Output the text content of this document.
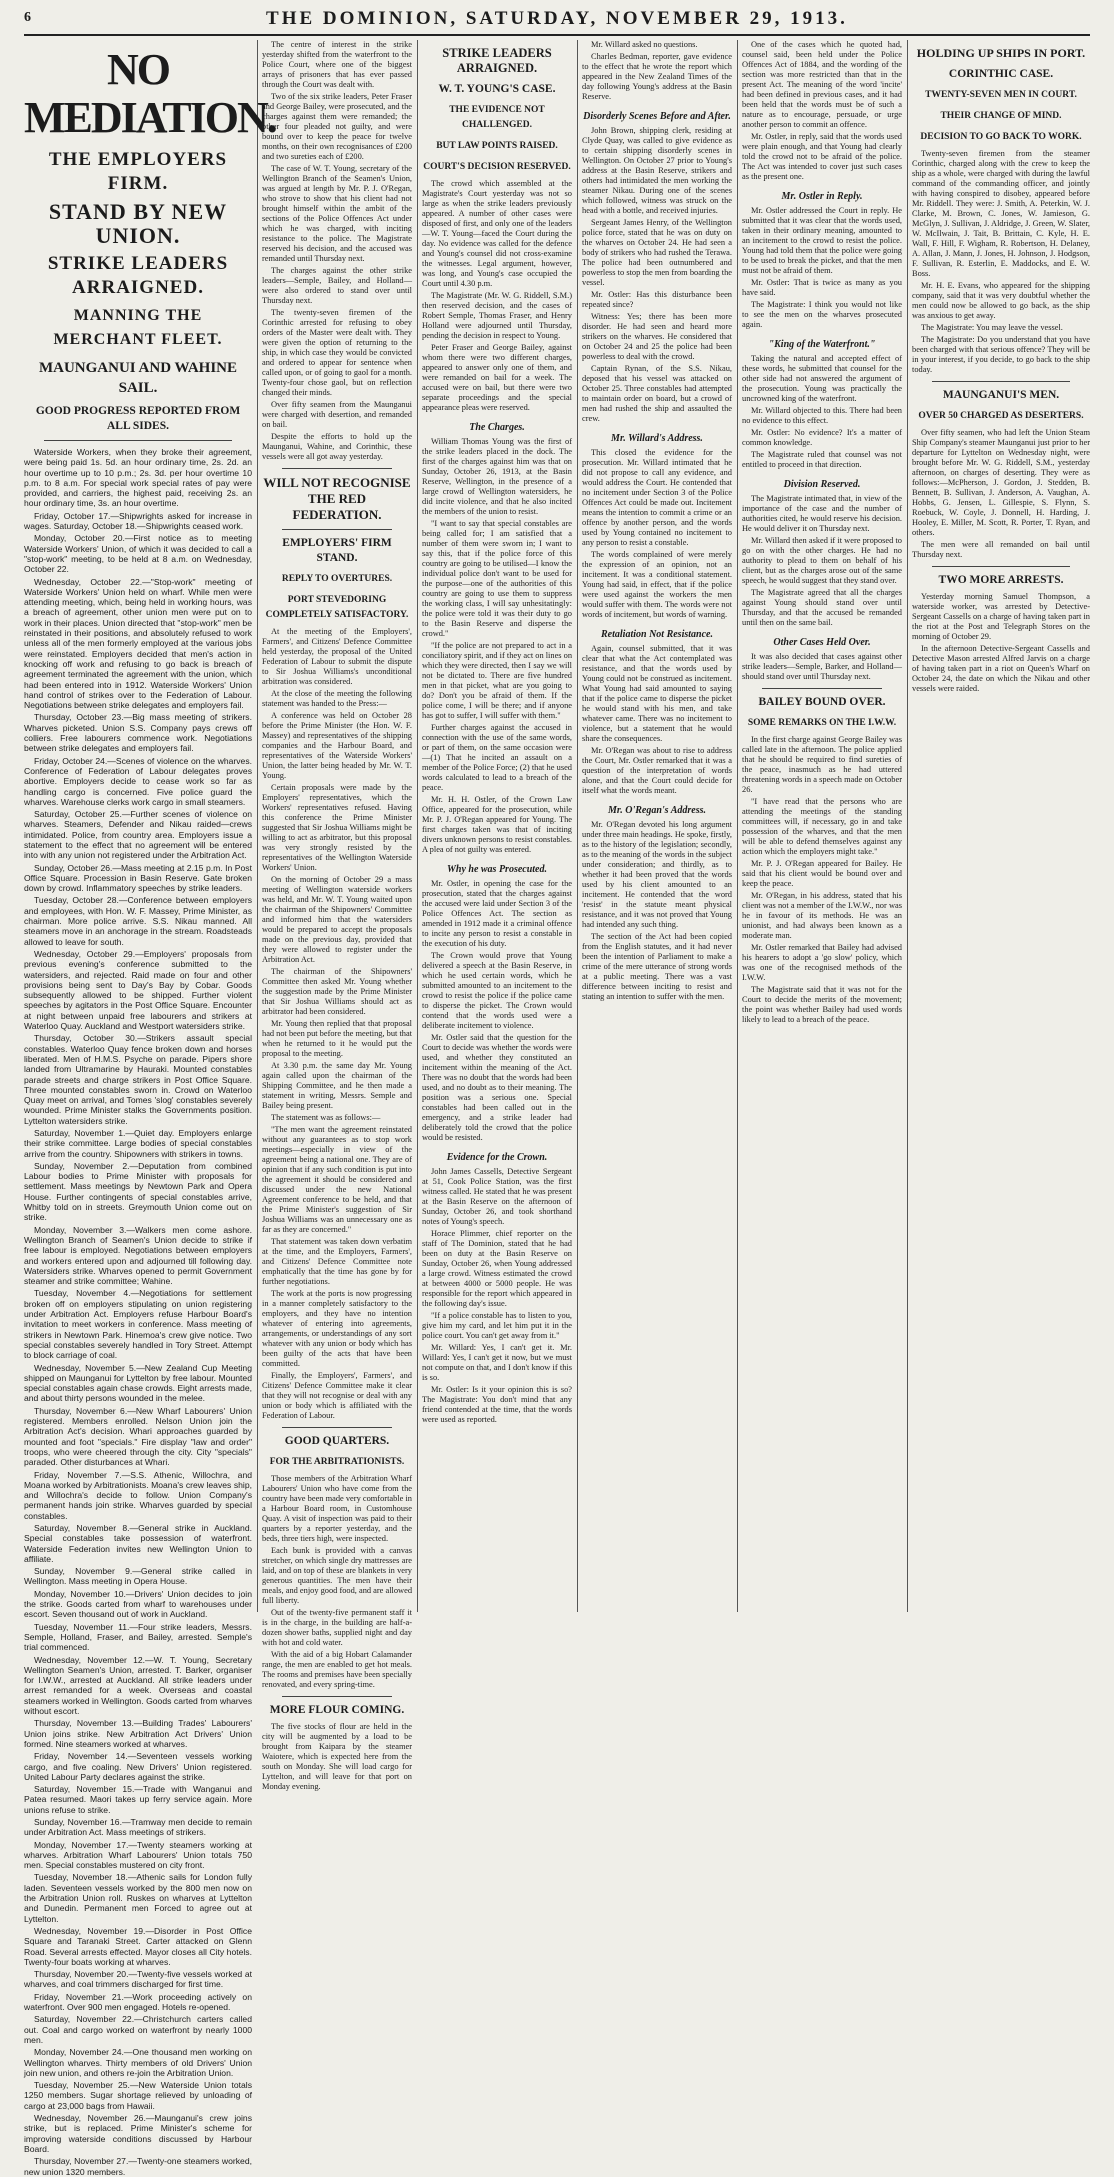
6	THE DOMINION, SATURDAY, NOVEMBER 29, 1913.
NO MEDIATION.
THE EMPLOYERS FIRM.
STAND BY NEW UNION.
STRIKE LEADERS ARRAIGNED.
MANNING THE MERCHANT FLEET.
MAUNGANUI AND WAHINE SAIL.
GOOD PROGRESS REPORTED FROM ALL SIDES.

Waterside Workers, when they broke their agreement, were being paid 1s. 5d. an hour ordinary time, 2s. 2d. an hour overtime up to 10 p.m.; 2s. 3d. per hour overtime 10 p.m. to 8 a.m. For special work special rates of pay were provided, and carriers, the highest paid, receiving 2s. an hour ordinary time, 3s. an hour overtime.

Friday, October 17.—Shipwrights asked for increase in wages. Saturday, October 18.—Shipwrights ceased work.

Monday, October 20.—First notice as to meeting Waterside Workers' Union, of which it was decided to call a "stop-work" meeting, to be held at 8 a.m. on Wednesday, October 22.

Wednesday, October 22.—"Stop-work" meeting of Waterside Workers' Union held on wharf. While men were attending meeting, which, being held in working hours, was a breach of agreement, other union men were put on to work in their places. Union directed that "stop-work" men be reinstated in their positions, and absolutely refused to work unless all of the men formerly employed at the various jobs were reinstated. Employers decided that men's action in knocking off work and refusing to go back is breach of agreement terminated the agreement with the union, which had been entered into in 1912. Waterside Workers' Union hand control of strikes over to the Federation of Labour. Negotiations between strike delegates and employers fail.

Thursday, October 23.—Big mass meeting of strikers. Wharves picketed. Union S.S. Company pays crews off colliers. Free labourers commence work. Negotiations between strike delegates and employers fail.

Friday, October 24.—Scenes of violence on the wharves. Conference of Federation of Labour delegates proves abortive. Employers decide to cease work so far as handling cargo is concerned. Five police guard the wharves. Warehouse clerks work cargo in small steamers.

Saturday, October 25.—Further scenes of violence on wharves. Steamers, Defender and Nikau raided—crews intimidated. Police, from country area. Employers issue a statement to the effect that no agreement will be entered into with any union not registered under the Arbitration Act.

Sunday, October 26.—Mass meeting at 2.15 p.m. In Post Office Square. Procession in Basin Reserve. Gate broken down by crowd. Inflammatory speeches by strike leaders.

Tuesday, October 28.—Conference between employers and employees, with Hon. W. F. Massey, Prime Minister, as chairman. More police arrive. S.S. Nikau manned. All steamers move in an anchorage in the stream. Roadsteads allowed to leave for south.

Wednesday, October 29.—Employers' proposals from previous evening's conference submitted to the watersiders, and rejected. Raid made on four and other provisions being sent to Day's Bay by Cobar. Goods subsequently allowed to be shipped. Further violent speeches by agitators in the Post Office Square. Encounter at night between unpaid free labourers and strikers at Waterloo Quay. Auckland and Westport watersiders strike.

Thursday, October 30.—Strikers assault special constables. Waterloo Quay fence broken down and horses liberated. Men of H.M.S. Psyche on parade. Pipers shore landed from Ultramarine by Hauraki. Mounted constables parade streets and charge strikers in Post Office Square. Three mounted constables sworn in. Crowd on Waterloo Quay meet on arrival, and Tomes 'slog' constables severely wounded. Prime Minister stalks the Governments position. Lyttelton watersiders strike.

Saturday, November 1.—Quiet day. Employers enlarge their strike committee. Large bodies of special constables arrive from the country. Shipowners with strikers in towns.

Sunday, November 2.—Deputation from combined Labour bodies to Prime Minister with proposals for settlement. Mass meetings by Newtown Park and Opera House. Further contingents of special constables arrive, Whitby told on in streets. Greymouth Union come out on strike.

Monday, November 3.—Walkers men come ashore. Wellington Branch of Seamen's Union decide to strike if free labour is employed. Negotiations between employers and workers entered upon and adjourned till following day. Watersiders strike. Wharves opened to permit Government steamer and strike committee; Wahine.

Tuesday, November 4.—Negotiations for settlement broken off on employers stipulating on union registering under Arbitration Act. Employers refuse Harbour Board's invitation to meet workers in conference. Mass meeting of strikers in Newtown Park. Hinemoa's crew give notice. Two special constables severely handled in Tory Street. Attempt to block carriage of coal.

Wednesday, November 5.—New Zealand Cup Meeting shipped on Maunganui for Lyttelton by free labour. Mounted special constables again chase crowds. Eight arrests made, and about thirty persons wounded in the melee.

Thursday, November 6.—New Wharf Labourers' Union registered. Members enrolled. Nelson Union join the Arbitration Act's decision. Whari approaches guarded by mounted and foot "specials." Fire display "law and order" troops, who were cheered through the city. City "specials" paraded. Other disturbances at Whari.

Friday, November 7.—S.S. Athenic, Willochra, and Moana worked by Arbitrationists. Moana's crew leaves ship, and Willochra's decide to follow. Union Company's permanent hands join strike. Wharves guarded by special constables.

Saturday, November 8.—General strike in Auckland. Special constables take possession of waterfront. Waterside Federation invites new Wellington Union to affiliate.

Sunday, November 9.—General strike called in Wellington. Mass meeting in Opera House.

Monday, November 10.—Drivers' Union decides to join the strike. Goods carted from wharf to warehouses under escort. Seven thousand out of work in Auckland.

Tuesday, November 11.—Four strike leaders, Messrs. Semple, Holland, Fraser, and Bailey, arrested. Semple's trial commenced.

Wednesday, November 12.—W. T. Young, Secretary Wellington Seamen's Union, arrested. T. Barker, organiser for I.W.W., arrested at Auckland. All strike leaders under arrest remanded for a week. Overseas and coastal steamers worked in Wellington. Goods carted from wharves without escort.

Thursday, November 13.—Building Trades' Labourers' Union joins strike. New Arbitration Act Drivers' Union formed. Nine steamers worked at wharves.

Friday, November 14.—Seventeen vessels working cargo, and five coaling. New Drivers' Union registered. United Labour Party declares against the strike.

Saturday, November 15.—Trade with Wanganui and Patea resumed. Maori takes up ferry service again. More unions refuse to strike.

Sunday, November 16.—Tramway men decide to remain under Arbitration Act. Mass meetings of strikers.

Monday, November 17.—Twenty steamers working at wharves. Arbitration Wharf Labourers' Union totals 750 men. Special constables mustered on city front.

Tuesday, November 18.—Athenic sails for London fully laden. Seventeen vessels worked by the 800 men now on the Arbitration Union roll. Ruskes on wharves at Lyttelton and Dunedin. Permanent men Forced to agree out at Lyttelton.

Wednesday, November 19.—Disorder in Post Office Square and Taranaki Street. Carter attacked on Glenn Road. Several arrests effected. Mayor closes all City hotels. Twenty-four boats working at wharves.

Thursday, November 20.—Twenty-five vessels worked at wharves, and coal trimmers discharged for first time.

Friday, November 21.—Work proceeding actively on waterfront. Over 900 men engaged. Hotels re-opened.

Saturday, November 22.—Christchurch carters called out. Coal and cargo worked on waterfront by nearly 1000 men.

Monday, November 24.—One thousand men working on Wellington wharves. Thirty members of old Drivers' Union join new union, and others re-join the Arbitration Union.

Tuesday, November 25.—New Waterside Union totals 1250 members. Sugar shortage relieved by unloading of cargo at 23,000 bags from Hawaii.

Wednesday, November 26.—Maunganui's crew joins strike, but is replaced. Prime Minister's scheme for improving waterside conditions discussed by Harbour Board.

Thursday, November 27.—Twenty-one steamers worked, new union 1320 members.

The centre of interest in the strike yesterday shifted from the waterfront to the Police Court, where one of the biggest arrays of prisoners that has ever passed through the Court was dealt with.

Two of the six strike leaders, Peter Fraser and George Bailey, were prosecuted, and the charges against them were remanded; the other four pleaded not guilty, and were bound over to keep the peace for twelve months, on their own recognisances of £200 and two sureties each of £200.

The case of W. T. Young, secretary of the Wellington Branch of the Seamen's Union, was argued at length by Mr. P. J. O'Regan, who strove to show that his client had not brought himself within the ambit of the sections of the Police Offences Act under which he was charged, with inciting resistance to the police. The Magistrate reserved his decision, and the accused was remanded until Thursday next.

The charges against the other strike leaders—Semple, Bailey, and Holland—were also ordered to stand over until Thursday next.

The twenty-seven firemen of the Corinthic arrested for refusing to obey orders of the Master were dealt with. They were given the option of returning to the ship, in which case they would be convicted and ordered to appear for sentence when called upon, or of going to gaol for a month. Twenty-four chose gaol, but on reflection changed their minds.

Over fifty seamen from the Maunganui were charged with desertion, and remanded on bail.

Despite the efforts to hold up the Maunganui, Wahine, and Corinthic, these vessels were all got away yesterday.

WILL NOT RECOGNISE THE RED FEDERATION.
EMPLOYERS' FIRM STAND.
REPLY TO OVERTURES.
PORT STEVEDORING COMPLETELY SATISFACTORY.

At the meeting of the Employers', Farmers', and Citizens' Defence Committee held yesterday, the proposal of the United Federation of Labour to submit the dispute to Sir Joshua Williams's unconditional arbitration was considered.

At the close of the meeting the following statement was handed to the Press:—

A conference was held on October 28 before the Prime Minister (the Hon. W. F. Massey) and representatives of the shipping companies and the Harbour Board, and representatives of the Waterside Workers' Union, the latter being headed by Mr. W. T. Young.

Certain proposals were made by the Employers' representatives, which the Workers' representatives refused. Having this conference the Prime Minister suggested that Sir Joshua Williams might be willing to act as arbitrator, but this proposal was very strongly resisted by the representatives of the Wellington Waterside Workers' Union.

On the morning of October 29 a mass meeting of Wellington waterside workers was held, and Mr. W. T. Young waited upon the chairman of the Shipowners' Committee and informed him that the watersiders would be prepared to accept the proposals made on the previous day, provided that they were allowed to register under the Arbitration Act.

The chairman of the Shipowners' Committee then asked Mr. Young whether the suggestion made by the Prime Minister that Sir Joshua Williams should act as arbitrator had been considered.

Mr. Young then replied that that proposal had not been put before the meeting, but that when he returned to it he would put the proposal to the meeting.

At 3.30 p.m. the same day Mr. Young again called upon the chairman of the Shipping Committee, and he then made a statement in writing, Messrs. Semple and Bailey being present.

The statement was as follows:—

"The men want the agreement reinstated without any guarantees as to stop work meetings—especially in view of the agreement being a national one. They are of opinion that if any such condition is put into the agreement it should be considered and discussed under the new National Agreement conference to be held, and that the Prime Minister's suggestion of Sir Joshua Williams was an unnecessary one as far as they are concerned."

That statement was taken down verbatim at the time, and the Employers, Farmers', and Citizens' Defence Committee note emphatically that the time has gone by for further negotiations.

The work at the ports is now progressing in a manner completely satisfactory to the employers, and they have no intention whatever of entering into agreements, arrangements, or understandings of any sort whatever with any union or body which has been guilty of the acts that have been committed.

Finally, the Employers', Farmers', and Citizens' Defence Committee make it clear that they will not recognise or deal with any union or body which is affiliated with the Federation of Labour.

GOOD QUARTERS.
FOR THE ARBITRATIONISTS.

Those members of the Arbitration Wharf Labourers' Union who have come from the country have been made very comfortable in a Harbour Board room, in Customhouse Quay. A visit of inspection was paid to their quarters by a reporter yesterday, and the beds, three tiers high, were inspected.

Each bunk is provided with a canvas stretcher, on which single dry mattresses are laid, and on top of these are blankets in very generous quantities. The men have their meals, and enjoy good food, and are allowed full liberty.

Out of the twenty-five permanent staff it is in the charge, in the building are half-a-dozen shower baths, supplied night and day with hot and cold water.

With the aid of a big Hobart Calamander range, the men are enabled to get hot meals. The rooms and premises have been specially renovated, and every spring-time.

MORE FLOUR COMING.

The five stocks of flour are held in the city will be augmented by a load to be brought from Kaipara by the steamer Waiotere, which is expected here from the south on Monday. She will load cargo for Lyttelton, and will leave for that port on Monday evening.

STRIKE LEADERS ARRAIGNED.
W. T. YOUNG'S CASE.
THE EVIDENCE NOT CHALLENGED.
BUT LAW POINTS RAISED.
COURT'S DECISION RESERVED.

The crowd which assembled at the Magistrate's Court yesterday was not so large as when the strike leaders previously appeared. A number of other cases were disposed of first, and only one of the leaders—W. T. Young—faced the Court during the day. No evidence was called for the defence and Young's counsel did not cross-examine the witnesses. Legal argument, however, was long, and Young's case occupied the Court until 4.30 p.m.

The Magistrate (Mr. W. G. Riddell, S.M.) then reserved decision, and the cases of Robert Semple, Thomas Fraser, and Henry Holland were adjourned until Thursday, pending the decision in respect to Young.

Peter Fraser and George Bailey, against whom there were two different charges, appeared to answer only one of them, and were remanded on bail for a week. The accused were on bail, but there were two separate proceedings and the special appearance pleas were reserved.

The Charges.

William Thomas Young was the first of the strike leaders placed in the dock. The first of the charges against him was that on Sunday, October 26, 1913, at the Basin Reserve, Wellington, in the presence of a large crowd of Wellington watersiders, he did incite violence, and that he also incited the members of the union to resist.

"I want to say that special constables are being called for; I am satisfied that a number of them were sworn in; I want to say this, that if the police force of this country are going to be utilised—I know the individual police don't want to be used for the purpose—one of the authorities of this country are going to use them to suppress the working class, I will say unhesitatingly: the police were told it was their duty to go to the Basin Reserve and disperse the crowd."

"If the police are not prepared to act in a conciliatory spirit, and if they act on lines on which they were directed, then I say we will not be dictated to. There are five hundred men in that picket, what are you going to do? Don't you be afraid of them. If the police come, I will be there; and if anyone has got to suffer, I will suffer with them."

Further charges against the accused in connection with the use of the same words, or part of them, on the same occasion were—(1) That he incited an assault on a member of the Police Force; (2) that he used words calculated to lead to a breach of the peace.

Mr. H. H. Ostler, of the Crown Law Office, appeared for the prosecution, while Mr. P. J. O'Regan appeared for Young. The first charges taken was that of inciting divers unknown persons to resist constables. A plea of not guilty was entered.

Why he was Prosecuted.

Mr. Ostler, in opening the case for the prosecution, stated that the charges against the accused were laid under Section 3 of the Police Offences Act. The section as amended in 1912 made it a criminal offence to incite any person to resist a constable in the execution of his duty.

The Crown would prove that Young delivered a speech at the Basin Reserve, in which he used certain words, which he submitted amounted to an incitement to the crowd to resist the police if the police came to disperse the picket. The Crown would contend that the words used were a deliberate incitement to violence.

Mr. Ostler said that the question for the Court to decide was whether the words were used, and whether they constituted an incitement within the meaning of the Act. There was no doubt that the words had been used, and no doubt as to their meaning. The position was a serious one. Special constables had been called out in the emergency, and a strike leader had deliberately told the crowd that the police would be resisted.

Evidence for the Crown.

John James Cassells, Detective Sergeant at 51, Cook Police Station, was the first witness called. He stated that he was present at the Basin Reserve on the afternoon of Sunday, October 26, and took shorthand notes of Young's speech.

Horace Plimmer, chief reporter on the staff of The Dominion, stated that he had been on duty at the Basin Reserve on Sunday, October 26, when Young addressed a large crowd. Witness estimated the crowd at between 4000 or 5000 people. He was responsible for the report which appeared in the following day's issue.

"If a police constable has to listen to you, give him my card, and let him put it in the police court. You can't get away from it."

Mr. Willard: Yes, I can't get it. Mr. Willard: Yes, I can't get it now, but we must not compute on that, and I don't know if this is so.

Mr. Ostler: Is it your opinion this is so? The Magistrate: You don't mind that any friend contended at the time, that the words were used as reported.

Mr. Willard asked no questions.

Charles Bedman, reporter, gave evidence to the effect that he wrote the report which appeared in the New Zealand Times of the day following Young's address at the Basin Reserve.

Disorderly Scenes Before and After.

John Brown, shipping clerk, residing at Clyde Quay, was called to give evidence as to certain shipping disorderly scenes in Wellington. On October 27 prior to Young's address at the Basin Reserve, strikers and others had intimidated the men working the steamer Nikau. During one of the scenes which followed, witness was struck on the head with a bottle, and received injuries.

Sergeant James Henry, of the Wellington police force, stated that he was on duty on the wharves on October 24. He had seen a body of strikers who had rushed the Terawa. The police had been outnumbered and powerless to stop the men from boarding the vessel.

Mr. Ostler: Has this disturbance been repeated since?

Witness: Yes; there has been more disorder. He had seen and heard more strikers on the wharves. He considered that on October 24 and 25 the police had been powerless to deal with the crowd.

Captain Rynan, of the S.S. Nikau, deposed that his vessel was attacked on October 25. Three constables had attempted to maintain order on board, but a crowd of men had rushed the ship and assaulted the crew.

Mr. Willard's Address.

This closed the evidence for the prosecution. Mr. Willard intimated that he did not propose to call any evidence, and would address the Court. He contended that no incitement under Section 3 of the Police Offences Act could be made out. Incitement means the intention to commit a crime or an offence by another person, and the words used by Young contained no incitement to any person to resist a constable.

The words complained of were merely the expression of an opinion, not an incitement. It was a conditional statement. Young had said, in effect, that if the police were used against the workers the men would suffer with them. The words were not words of incitement, but words of warning.

Retaliation Not Resistance.

Again, counsel submitted, that it was clear that what the Act contemplated was resistance, and that the words used by Young could not be construed as incitement. What Young had said amounted to saying that if the police came to disperse the picket he would stand with his men, and take whatever came. There was no incitement to violence, but a statement that he would share the consequences.

Mr. O'Regan was about to rise to address the Court, Mr. Ostler remarked that it was a question of the interpretation of words alone, and that the Court could decide for itself what the words meant.

Mr. O'Regan's Address.

Mr. O'Regan devoted his long argument under three main headings. He spoke, firstly, as to the history of the legislation; secondly, as to the meaning of the words in the subject under consideration; and thirdly, as to whether it had been proved that the words used by his client amounted to an incitement. He contended that the word 'resist' in the statute meant physical resistance, and it was not proved that Young had intended any such thing.

The section of the Act had been copied from the English statutes, and it had never been the intention of Parliament to make a crime of the mere utterance of strong words at a public meeting. There was a vast difference between inciting to resist and stating an intention to suffer with the men.

One of the cases which he quoted had, counsel said, been held under the Police Offences Act of 1884, and the wording of the section was more restricted than that in the present Act. The meaning of the word 'incite' had been defined in previous cases, and it had been held that the words must be of such a nature as to encourage, persuade, or urge another person to commit an offence.

Mr. Ostler, in reply, said that the words used were plain enough, and that Young had clearly told the crowd not to be afraid of the police. The Act was intended to cover just such cases as the present one.

Mr. Ostler in Reply.

Mr. Ostler addressed the Court in reply. He submitted that it was clear that the words used, taken in their ordinary meaning, amounted to an incitement to the crowd to resist the police. Young had told them that the police were going to be used to break the picket, and that the men must not be afraid of them.

Mr. Ostler: That is twice as many as you have said.

The Magistrate: I think you would not like to see the men on the wharves prosecuted again.

"King of the Waterfront."

Taking the natural and accepted effect of these words, he submitted that counsel for the other side had not answered the argument of the prosecution. Young was practically the uncrowned king of the waterfront.

Mr. Willard objected to this. There had been no evidence to this effect.

Mr. Ostler: No evidence? It's a matter of common knowledge.

The Magistrate ruled that counsel was not entitled to proceed in that direction.

Division Reserved.

The Magistrate intimated that, in view of the importance of the case and the number of authorities cited, he would reserve his decision. He would deliver it on Thursday next.

Mr. Willard then asked if it were proposed to go on with the other charges. He had no authority to plead to them on behalf of his client, but as the charges arose out of the same speech, he would suggest that they stand over.

The Magistrate agreed that all the charges against Young should stand over until Thursday, and that the accused be remanded until then on the same bail.

Other Cases Held Over.

It was also decided that cases against other strike leaders—Semple, Barker, and Holland—should stand over until Thursday next.

BAILEY BOUND OVER.
SOME REMARKS ON THE I.W.W.

In the first charge against George Bailey was called late in the afternoon. The police applied that he should be required to find sureties of the peace, inasmuch as he had uttered threatening words in a speech made on October 26.

"I have read that the persons who are attending the meetings of the standing committees will, if necessary, go in and take possession of the wharves, and that the men will be able to defend themselves against any action which the employers might take."

Mr. P. J. O'Regan appeared for Bailey. He said that his client would be bound over and keep the peace.

Mr. O'Regan, in his address, stated that his client was not a member of the I.W.W., nor was he in favour of its methods. He was an unionist, and had always been known as a moderate man.

Mr. Ostler remarked that Bailey had advised his hearers to adopt a 'go slow' policy, which was one of the recognised methods of the I.W.W.

The Magistrate said that it was not for the Court to decide the merits of the movement; the point was whether Bailey had used words likely to lead to a breach of the peace.

HOLDING UP SHIPS IN PORT.
CORINTHIC CASE.
TWENTY-SEVEN MEN IN COURT.
THEIR CHANGE OF MIND.
DECISION TO GO BACK TO WORK.

Twenty-seven firemen from the steamer Corinthic, charged along with the crew to keep the ship as a whole, were charged with during the lawful command of the commanding officer, and jointly with having conspired to disobey, appeared before Mr. Riddell. They were: J. Smith, A. Peterkin, W. J. Clarke, M. Brown, C. Jones, W. Jamieson, G. McGlyn, J. Sullivan, J. Aldridge, J. Green, W. Slater, W. McIlwain, J. Tait, B. Brittain, C. Kyle, H. E. Wall, F. Hill, F. Wigham, R. Robertson, H. Delaney, A. Allan, J. Mann, J. Jones, H. Johnson, J. Hodgson, F. Sullivan, R. Esterlin, E. Maddocks, and E. W. Boss.

Mr. H. E. Evans, who appeared for the shipping company, said that it was very doubtful whether the men could now be allowed to go back, as the ship was anxious to get away.

The Magistrate: You may leave the vessel.

The Magistrate: Do you understand that you have been charged with that serious offence? They will be in your interest, if you decide, to go back to the ship today.

MAUNGANUI'S MEN.
OVER 50 CHARGED AS DESERTERS.

Over fifty seamen, who had left the Union Steam Ship Company's steamer Maunganui just prior to her departure for Lyttelton on Wednesday night, were brought before Mr. W. G. Riddell, S.M., yesterday afternoon, on charges of deserting. They were as follows:—McPherson, J. Gordon, J. Stedden, B. Bennett, B. Sullivan, J. Anderson, A. Vaughan, A. Hobbs, G. Jensen, L. Gillespie, S. Flynn, S. Roebuck, W. Coyle, J. Donnell, H. Harding, J. Hooley, E. Miller, M. Scott, R. Porter, T. Ryan, and others.

The men were all remanded on bail until Thursday next.

TWO MORE ARRESTS.

Yesterday morning Samuel Thompson, a waterside worker, was arrested by Detective-Sergeant Cassells on a charge of having taken part in the riot at the Post and Telegraph Stores on the morning of October 29.

In the afternoon Detective-Sergeant Cassells and Detective Mason arrested Alfred Jarvis on a charge of having taken part in a riot on Queen's Wharf on October 24, the date on which the Nikau and other vessels were raided.
